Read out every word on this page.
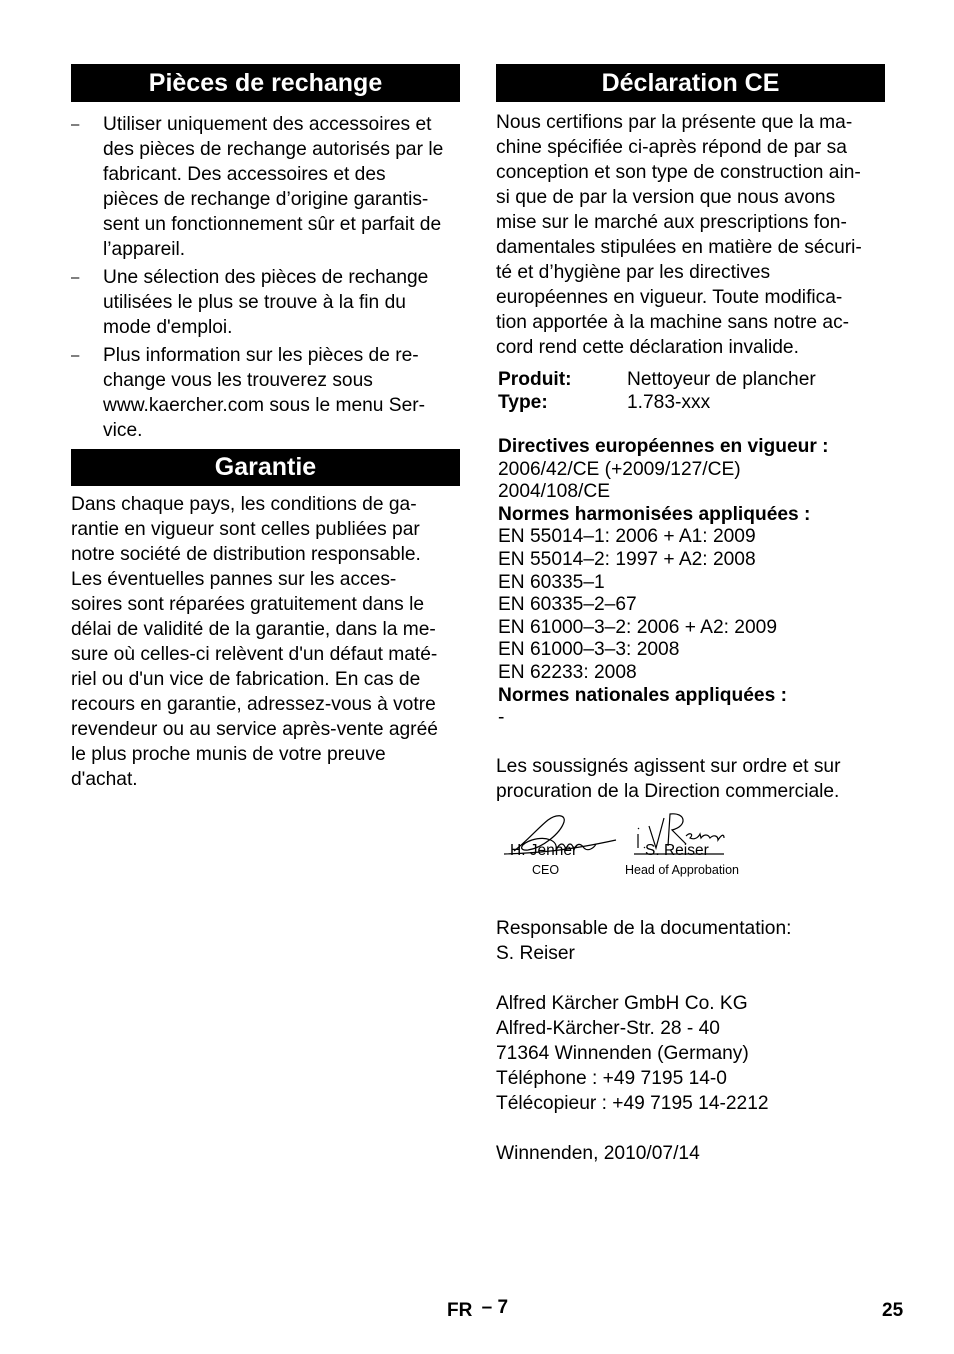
Pièces de rechange
– Utiliser uniquement des accessoires et
des pièces de rechange autorisés par le
fabricant. Des accessoires et des
pièces de rechange d’origine garantis-
sent un fonctionnement sûr et parfait de
l’appareil.
– Une sélection des pièces de rechange
utilisées le plus se trouve à la fin du
mode d'emploi.
– Plus information sur les pièces de re-
change vous les trouverez sous
www.kaercher.com sous le menu Ser-
vice.
Garantie

Dans chaque pays, les conditions de ga-
rantie en vigueur sont celles publiées par
notre société de distribution responsable.
Les éventuelles pannes sur les acces-
soires sont réparées gratuitement dans le
délai de validité de la garantie, dans la me-
sure où celles-ci relèvent d'un défaut maté-
riel ou d'un vice de fabrication. En cas de
recours en garantie, adressez-vous à votre
revendeur ou au service après-vente agréé
le plus proche munis de votre preuve
d'achat.

Déclaration CE

Nous certifions par la présente que la ma-
chine spécifiée ci-après répond de par sa
conception et son type de construction ain-
si que de par la version que nous avons
mise sur le marché aux prescriptions fon-
damentales stipulées en matière de sécuri-
té et d’hygiène par les directives
européennes en vigueur. Toute modifica-
tion apportée à la machine sans notre ac-
cord rend cette déclaration invalide.

Produit:	Nettoyeur de plancher
Type:	1.783-xxx
Directives européennes en vigueur :
2006/42/CE (+2009/127/CE)
2004/108/CE
Normes harmonisées appliquées :
EN 55014–1: 2006 + A1: 2009
EN 55014–2: 1997 + A2: 2008
EN 60335–1
EN 60335–2–67
EN 61000–3–2: 2006 + A2: 2009
EN 61000–3–3: 2008
EN 62233: 2008
Normes nationales appliquées :
-

Les soussignés agissent sur ordre et sur
procuration de la Direction commerciale.

H. Jenner
CEO
S. Reiser
Head of Approbation

Responsable de la documentation:
S. Reiser

Alfred Kärcher GmbH Co. KG
Alfred-Kärcher-Str. 28 - 40
71364 Winnenden (Germany)
Téléphone : +49 7195 14-0
Télécopieur : +49 7195 14-2212

Winnenden, 2010/07/14

FR – 7	25
